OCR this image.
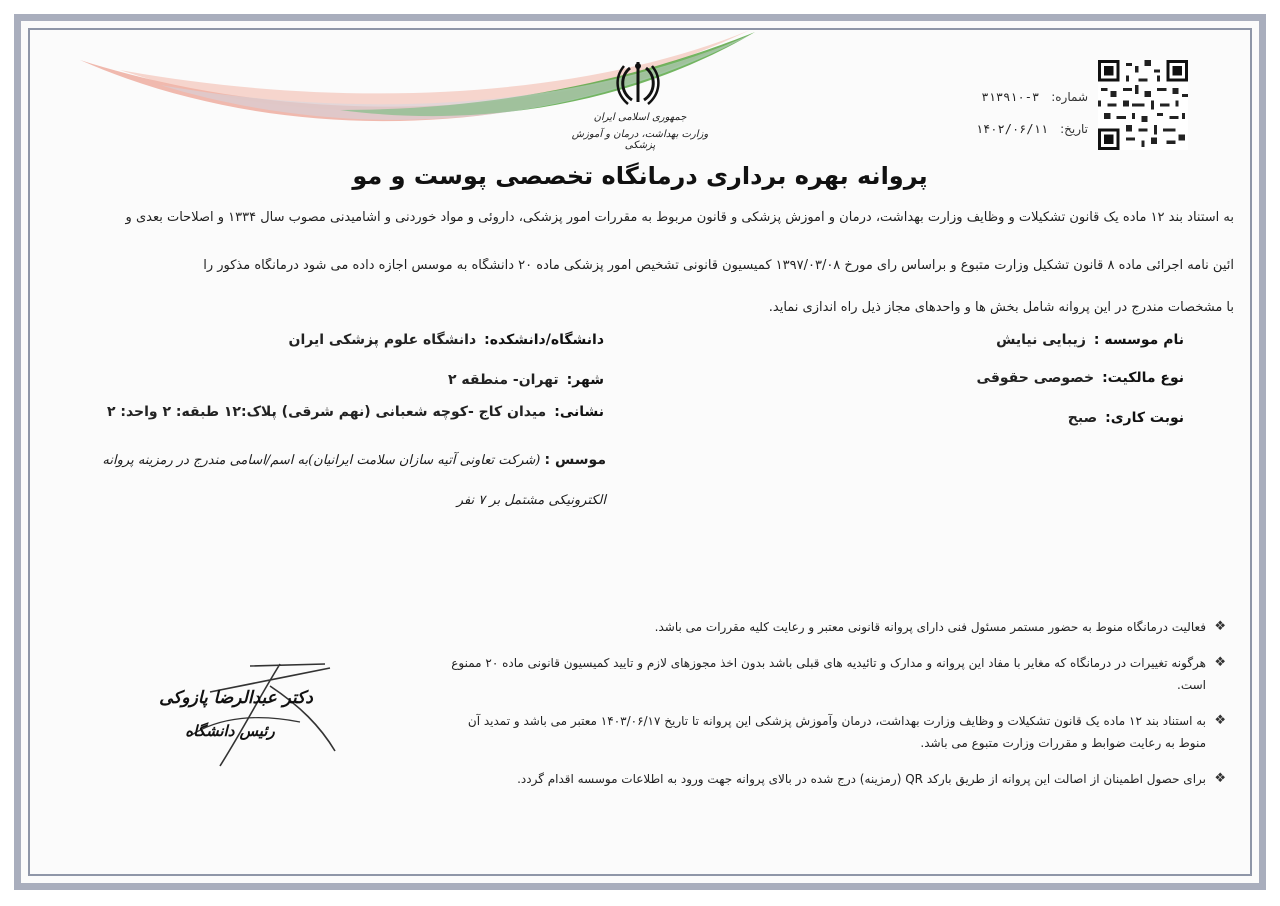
جمهوری اسلامی ایران
وزارت بهداشت، درمان و آموزش پزشکی
شماره:۳-۳۱۳۹۱۰
تاریخ:۱۴۰۲/۰۶/۱۱
پروانه بهره برداری درمانگاه تخصصی پوست و مو
به استناد بند ۱۲ ماده یک قانون تشکیلات و وظایف وزارت بهداشت، درمان و آموزش پزشکی و قانون مربوط به مقررات امور پزشکی، داروئی و مواد خوردنی و آشامیدنی مصوب سال ۱۳۳۴ و اصلاحات بعدی و
آئین نامه اجرائی ماده ۸ قانون تشکیل وزارت متبوع و براساس رای مورخ ۱۳۹۷/۰۳/۰۸ کمیسیون قانونی تشخیص امور پزشکی ماده ۲۰ دانشگاه به موسس اجازه داده می شود درمانگاه مذکور را
با مشخصات مندرج در این پروانه شامل بخش ها و واحدهای مجاز ذیل راه اندازی نماید.
نام موسسه :زیبایی نیایش
نوع مالکیت:خصوصی حقوقی
نوبت کاری:صبح
دانشگاه/دانشکده:دانشگاه علوم پزشکی ایران
شهر:تهران- منطقه ۲
نشانی:میدان کاج -کوچه شعبانی (نهم شرقی) پلاک:۱۲ طبقه: ۲ واحد: ۲
موسس : (شرکت تعاونی آتیه سازان سلامت ایرانیان)به اسم/اسامی مندرج در رمزینه پروانه الکترونیکی مشتمل بر ۷ نفر
❖
فعالیت درمانگاه منوط به حضور مستمر مسئول فنی دارای پروانه قانونی معتبر و رعایت کلیه مقررات می باشد.
❖
هرگونه تغییرات در درمانگاه که مغایر با مفاد این پروانه و مدارک و تائیدیه های قبلی باشد بدون اخذ مجوزهای لازم و تایید کمیسیون قانونی ماده ۲۰ ممنوع است.
❖
به استناد بند ۱۲ ماده یک قانون تشکیلات و وظایف وزارت بهداشت، درمان وآموزش پزشکی این پروانه تا تاریخ ۱۴۰۳/۰۶/۱۷ معتبر می باشد و تمدید آن منوط به رعایت ضوابط و مقررات وزارت متبوع می باشد.
❖
برای حصول اطمینان از اصالت این پروانه از طریق بارکد QR (رمزینه) درج شده در بالای پروانه جهت ورود به اطلاعات موسسه اقدام گردد.
دکتر عبدالرضا پازوکی
رئیس دانشگاه
